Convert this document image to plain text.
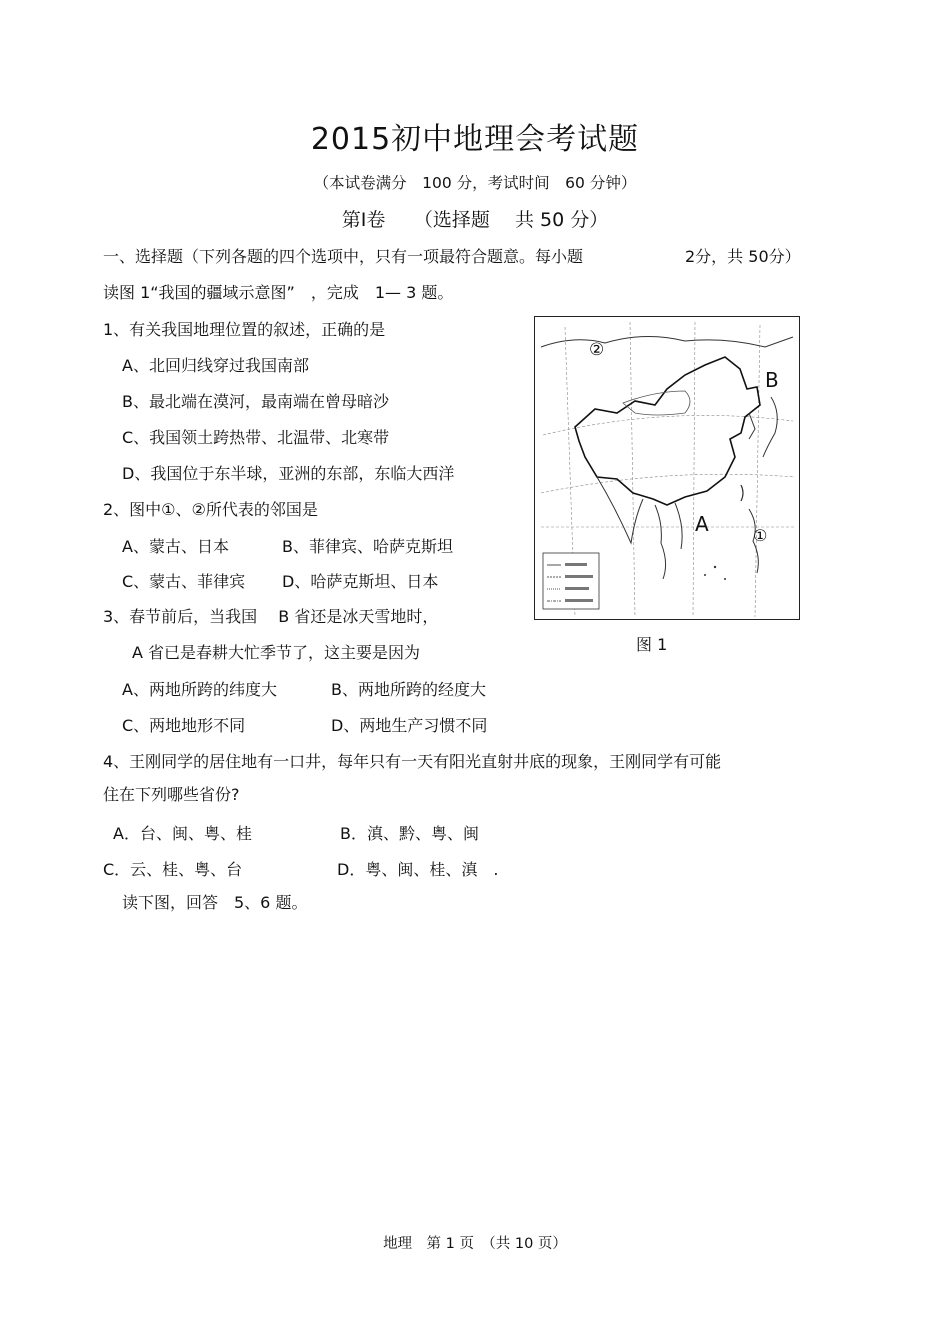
2015初中地理会考试题
（本试卷满分　100 分，考试时间　60 分钟）
第Ⅰ卷　　（选择题　 共 50 分）
一、选择题（下列各题的四个选项中，只有一项最符合题意。每小题	2分，共 50分）
读图 1“我国的疆域示意图”　，完成　1— 3 题。
1、有关我国地理位置的叙述，正确的是
A、北回归线穿过我国南部
B、最北端在漠河，最南端在曾母暗沙
C、我国领土跨热带、北温带、北寒带
D、我国位于东半球，亚洲的东部，东临大西洋
2、图中①、②所代表的邻国是
A、蒙古、日本	B、菲律宾、哈萨克斯坦
C、蒙古、菲律宾 D、哈萨克斯坦、日本
3、春节前后，当我国　 B 省还是冰天雪地时，
A 省已是春耕大忙季节了，这主要是因为
A、两地所跨的纬度大	B、两地所跨的经度大
C、两地地形不同	D、两地生产习惯不同
4、王刚同学的居住地有一口井，每年只有一天有阳光直射井底的现象，王刚同学有可能
住在下列哪些省份?
A．台、闽、粤、桂	B．滇、黔、粤、闽
C．云、桂、粤、台	D．粤、闽、桂、滇　.
读下图，回答　5、6 题。
②
B
A	①
图 1
地理　第 1 页　（共 10 页）
